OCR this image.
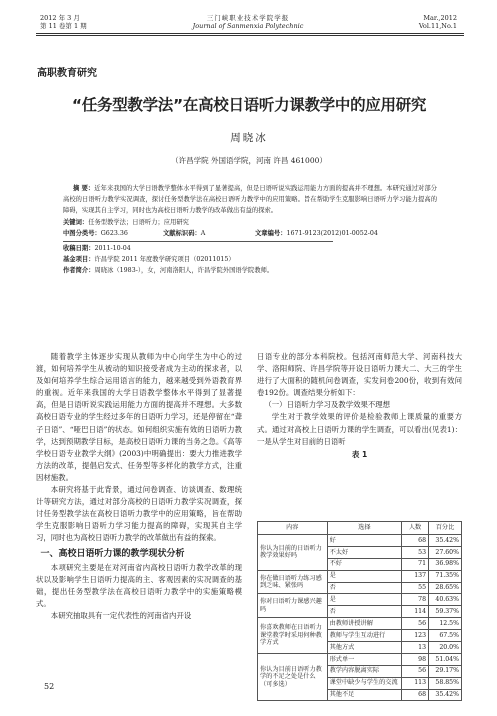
2012 年 3 月
第 11 卷第 1 期
三门峡职业技术学院学报
Journal of Sanmenxia Polytechnic
Mar.,2012
Vol.11,No.1
高职教育研究
“任务型教学法”在高校日语听力课教学中的应用研究
周晓冰
（许昌学院 外国语学院，河南 许昌 461000）
摘 要：近年来我国的大学日语教学整体水平得到了显著提高，但是日语听说实践运用能力方面的提高并不理想。本研究通过对部分高校的日语听力教学实况调查，探讨任务型教学法在高校日语听力教学中的应用策略。旨在帮助学生克服影响日语听力学习能力提高的障碍，实现其自主学习，同时也为高校日语听力教学的改革做出有益的探索。
关键词：任务型教学法；日语听力；应用研究
中图分类号：G623.36	文献标识码：A	文章编号：1671-9123(2012)01-0052-04
收稿日期：2011-10-04
基金项目：许昌学院 2011 年度教学研究项目（02011015）
作者简介：周晓冰（1983-），女，河南洛阳人，许昌学院外国语学院教师。

随着教学主体逐步实现从教师为中心向学生为中心的过渡，如何培养学生从被动的知识接受者成为主动的探求者，以及如何培养学生综合运用语言的能力，越来越受到外语教育界的重视。近年来我国的大学日语教学整体水平得到了显著提高，但是日语听说实践运用能力方面的提高并不理想。大多数高校日语专业的学生经过多年的日语听力学习，还是停留在“聋子日语”、“哑巴日语”的状态。如何组织实施有效的日语听力教学，达到预期教学目标，是高校日语听力课的当务之急。《高等学校日语专业教学大纲》(2003)中明确提出：要大力推进教学方法的改革，提倡启发式、任务型等多样化的教学方式，注重因材施教。

本研究将基于此背景，通过问卷调查、访谈调查、数理统计等研究方法，通过对部分高校的日语听力教学实况调查，探讨任务型教学法在高校日语听力教学中的应用策略，旨在帮助学生克服影响日语听力学习能力提高的障碍，实现其自主学习，同时也为高校日语听力教学的改革做出有益的探索。

一、高校日语听力课的教学现状分析

本项研究主要是在对河南省内高校日语听力教学改革的现状以及影响学生日语听力提高的主、客观因素的实况调查的基础，提出任务型教学法在高校日语听力教学中的实施策略模式。

本研究抽取具有一定代表性的河南省内开设

日语专业的部分本科院校。包括河南师范大学、河南科技大学、洛阳师院、许昌学院等开设日语听力课大二、大三的学生进行了大面积的随机问卷调查，实发问卷200份，收到有效问卷192份。调查结果分析如下：

（一）日语听力学习及教学效果不理想

学生对于教学效果的评价是检验教师上课质量的重要方式。通过对高校上日语听力课的学生调查，可以看出(见表1)：一是从学生对目前的日语听

表 1
内容	选择	人数	百分比
你认为目前的日语听力教学效果好吗	好	68	35.42%
	不太好	53	27.60%
	不好	71	36.98%
你在做日语听力练习感到乏味、紧张吗	是	137	71.35%
	否	55	28.65%
你对日语听力课感兴趣吗	是	78	40.63%
	否	114	59.37%
你喜欢教师在日语听力课堂教学时采用何种教学方式	由教师讲授讲解	56	12.5%
	教师与学生互动进行	123	67.5%
	其他方式	13	20.0%
你认为目前日语听力教学的不足之处是什么（可多选）	形式单一	98	51.04%
	教学内容脱离实际	56	29.17%
	课堂中缺少与学生的交流	113	58.85%
	其他不足	68	35.42%
52
